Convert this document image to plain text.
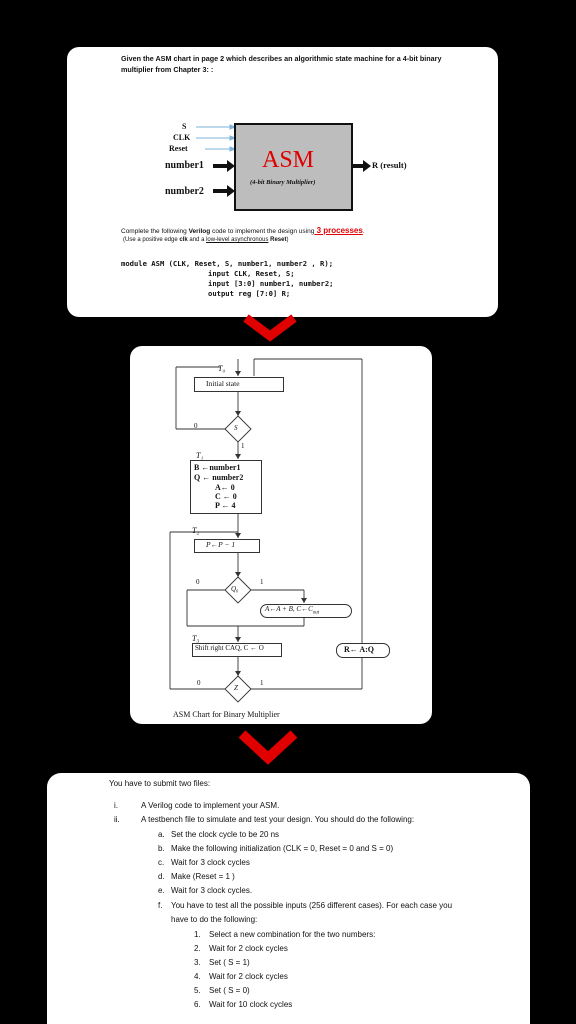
Given the ASM chart in page 2 which describes an algorithmic state machine for a 4-bit binary
multiplier from Chapter 3: :
S
CLK
Reset
number1
number2
ASM
(4-bit Binary Multiplier)
R (result)
Complete the following Verilog code to implement the design using 3 processes.
(Use a positive edge clk and a low-level asynchronous Reset)
module ASM (CLK, Reset, S, number1, number2 , R);
input CLK, Reset, S;
input [3:0] number1, number2;
output reg [7:0] R;
T₀
Initial state
S
0
1
T₁
B ←number1
Q ← number2
A← 0
C ← 0
P ← 4
T₂
P←P − 1
Q₀
0	1
A←A + B, $C\leftarrow C_{out}$
T₃
Shift right CAQ, C ← O	R← A:Q
Z
0	1
ASM Chart for Binary Multiplier
You have to submit two files:
i.	A Verilog code to implement your ASM.
ii.	A testbench file to simulate and test your design. You should do the following:
a. Set the clock cycle to be 20 ns
b. Make the following initialization (CLK = 0, Reset = 0 and S = 0)
c. Wait for 3 clock cycles
d. Make (Reset = 1 )
e. Wait for 3 clock cycles.
f. You have to test all the possible inputs (256 different cases). For each case you
have to do the following:
1. Select a new combination for the two numbers:
2. Wait for 2 clock cycles
3. Set ( S = 1)
4. Wait for 2 clock cycles
5. Set ( S = 0)
6. Wait for 10 clock cycles
